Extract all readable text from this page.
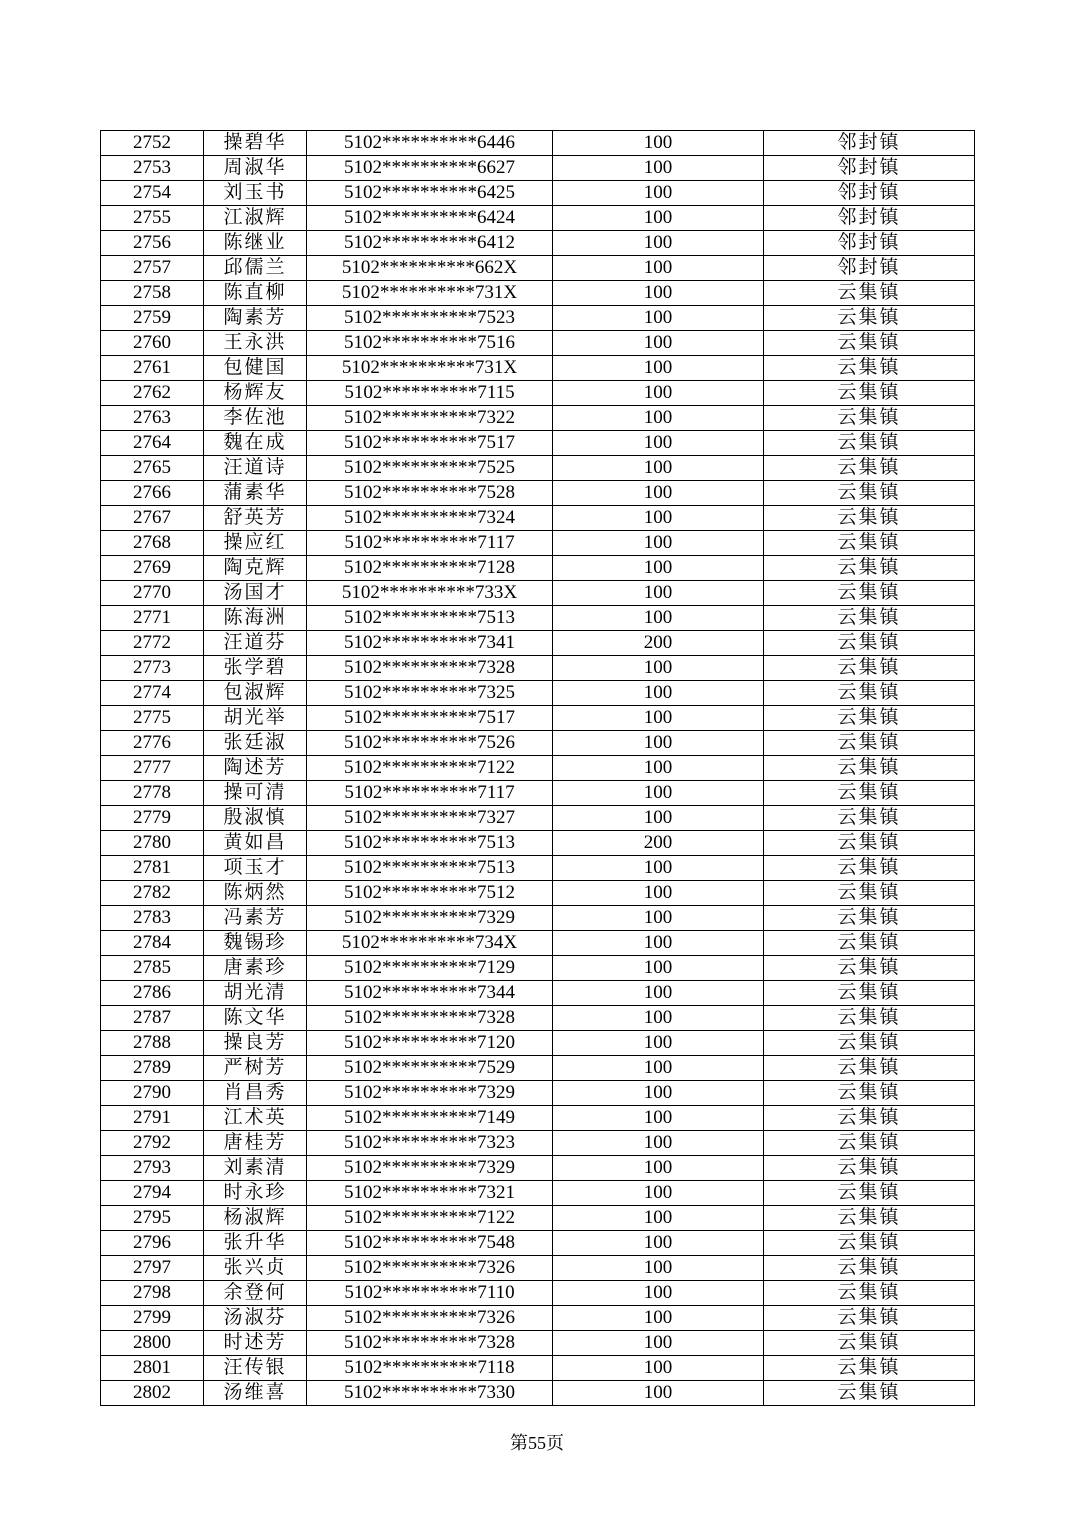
2752	操碧华	5102**********6446	100	邻封镇
2753	周淑华	5102**********6627	100	邻封镇
2754	刘玉书	5102**********6425	100	邻封镇
2755	江淑辉	5102**********6424	100	邻封镇
2756	陈继业	5102**********6412	100	邻封镇
2757	邱儒兰	5102**********662X	100	邻封镇
2758	陈直柳	5102**********731X	100	云集镇
2759	陶素芳	5102**********7523	100	云集镇
2760	王永洪	5102**********7516	100	云集镇
2761	包健国	5102**********731X	100	云集镇
2762	杨辉友	5102**********7115	100	云集镇
2763	李佐池	5102**********7322	100	云集镇
2764	魏在成	5102**********7517	100	云集镇
2765	汪道诗	5102**********7525	100	云集镇
2766	蒲素华	5102**********7528	100	云集镇
2767	舒英芳	5102**********7324	100	云集镇
2768	操应红	5102**********7117	100	云集镇
2769	陶克辉	5102**********7128	100	云集镇
2770	汤国才	5102**********733X	100	云集镇
2771	陈海洲	5102**********7513	100	云集镇
2772	汪道芬	5102**********7341	200	云集镇
2773	张学碧	5102**********7328	100	云集镇
2774	包淑辉	5102**********7325	100	云集镇
2775	胡光举	5102**********7517	100	云集镇
2776	张廷淑	5102**********7526	100	云集镇
2777	陶述芳	5102**********7122	100	云集镇
2778	操可清	5102**********7117	100	云集镇
2779	殷淑慎	5102**********7327	100	云集镇
2780	黄如昌	5102**********7513	200	云集镇
2781	项玉才	5102**********7513	100	云集镇
2782	陈炳然	5102**********7512	100	云集镇
2783	冯素芳	5102**********7329	100	云集镇
2784	魏锡珍	5102**********734X	100	云集镇
2785	唐素珍	5102**********7129	100	云集镇
2786	胡光清	5102**********7344	100	云集镇
2787	陈文华	5102**********7328	100	云集镇
2788	操良芳	5102**********7120	100	云集镇
2789	严树芳	5102**********7529	100	云集镇
2790	肖昌秀	5102**********7329	100	云集镇
2791	江术英	5102**********7149	100	云集镇
2792	唐桂芳	5102**********7323	100	云集镇
2793	刘素清	5102**********7329	100	云集镇
2794	时永珍	5102**********7321	100	云集镇
2795	杨淑辉	5102**********7122	100	云集镇
2796	张升华	5102**********7548	100	云集镇
2797	张兴贞	5102**********7326	100	云集镇
2798	余登何	5102**********7110	100	云集镇
2799	汤淑芬	5102**********7326	100	云集镇
2800	时述芳	5102**********7328	100	云集镇
2801	汪传银	5102**********7118	100	云集镇
2802	汤维喜	5102**********7330	100	云集镇
第55页
